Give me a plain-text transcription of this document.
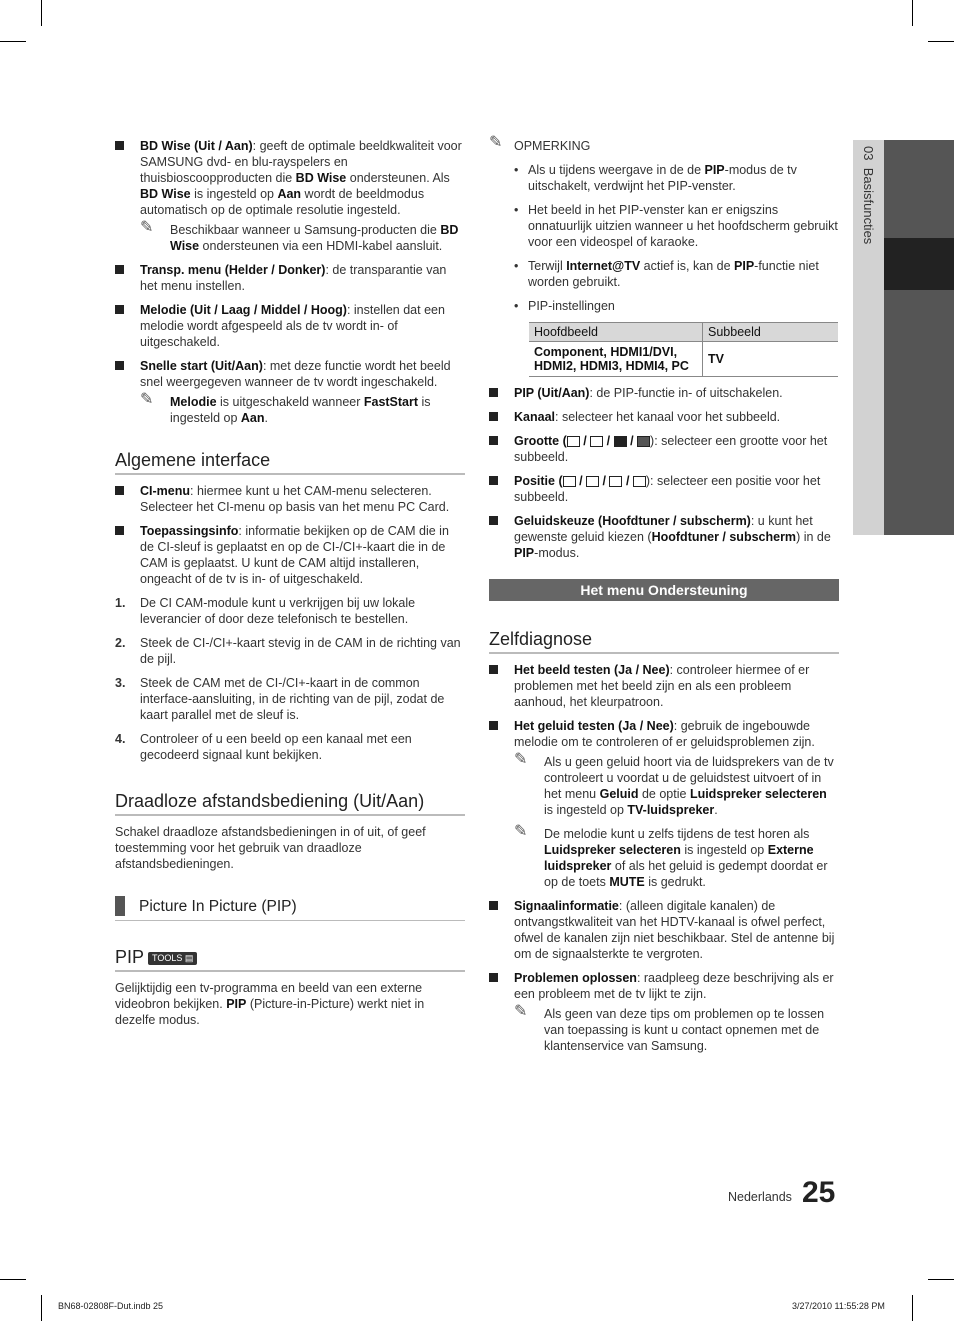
BD Wise (Uit / Aan): geeft de optimale beeldkwaliteit voor SAMSUNG dvd- en blu-rayspelers en thuisbioscoopproducten die BD Wise ondersteunen. Als BD Wise is ingesteld op Aan wordt de beeldmodus automatisch op de optimale resolutie ingesteld.
✎ Beschikbaar wanneer u Samsung-producten die BD Wise ondersteunen via een HDMI-kabel aansluit.
Transp. menu (Helder / Donker): de transparantie van het menu instellen.
Melodie (Uit / Laag / Middel / Hoog): instellen dat een melodie wordt afgespeeld als de tv wordt in- of uitgeschakeld.
Snelle start (Uit/Aan): met deze functie wordt het beeld snel weergegeven wanneer de tv wordt ingeschakeld.
✎ Melodie is uitgeschakeld wanneer FastStart is ingesteld op Aan.
Algemene interface
CI-menu: hiermee kunt u het CAM-menu selecteren. Selecteer het CI-menu op basis van het menu PC Card.
Toepassingsinfo: informatie bekijken op de CAM die in de CI-sleuf is geplaatst en op de CI-/CI+-kaart die in de CAM is geplaatst. U kunt de CAM altijd installeren, ongeacht of de tv is in- of uitgeschakeld.
1. De CI CAM-module kunt u verkrijgen bij uw lokale leverancier of door deze telefonisch te bestellen.
2. Steek de CI-/CI+-kaart stevig in de CAM in de richting van de pijl.
3. Steek de CAM met de CI-/CI+-kaart in de common interface-aansluiting, in de richting van de pijl, zodat de kaart parallel met de sleuf is.
4. Controleer of u een beeld op een kanaal met een gecodeerd signaal kunt bekijken.
Draadloze afstandsbediening (Uit/Aan)
Schakel draadloze afstandsbedieningen in of uit, of geef toestemming voor het gebruik van draadloze afstandsbedieningen.
Picture In Picture (PIP)
PIP TOOLS ▤
Gelijktijdig een tv-programma en beeld van een externe videobron bekijken. PIP (Picture-in-Picture) werkt niet in dezelfe modus.
✎ OPMERKING
• Als u tijdens weergave in de de PIP-modus de tv uitschakelt, verdwijnt het PIP-venster.
• Het beeld in het PIP-venster kan er enigszins onnatuurlijk uitzien wanneer u het hoofdscherm gebruikt voor een videospel of karaoke.
• Terwijl Internet@TV actief is, kan de PIP-functie niet worden gebruikt.
• PIP-instellingen
Hoofdbeeld	Subbeeld
Component, HDMI1/DVI, HDMI2, HDMI3, HDMI4, PC	TV
PIP (Uit/Aan): de PIP-functie in- of uitschakelen.
Kanaal: selecteer het kanaal voor het subbeeld.
Grootte ( /  /  / ): selecteer een grootte voor het subbeeld.
Positie ( /  /  / ): selecteer een positie voor het subbeeld.
Geluidskeuze (Hoofdtuner / subscherm): u kunt het gewenste geluid kiezen (Hoofdtuner / subscherm) in de PIP-modus.
Het menu Ondersteuning
Zelfdiagnose
Het beeld testen (Ja / Nee): controleer hiermee of er problemen met het beeld zijn en als een probleem aanhoud, het kleurpatroon.
Het geluid testen (Ja / Nee): gebruik de ingebouwde melodie om te controleren of er geluidsproblemen zijn.
✎ Als u geen geluid hoort via de luidsprekers van de tv controleert u voordat u de geluidstest uitvoert of in het menu Geluid de optie Luidspreker selecteren is ingesteld op TV-luidspreker.
✎ De melodie kunt u zelfs tijdens de test horen als Luidspreker selecteren is ingesteld op Externe luidspreker of als het geluid is gedempt doordat er op de toets MUTE is gedrukt.
Signaalinformatie: (alleen digitale kanalen) de ontvangstkwaliteit van het HDTV-kanaal is ofwel perfect, ofwel de kanalen zijn niet beschikbaar. Stel de antenne bij om de signaalsterkte te vergroten.
Problemen oplossen: raadpleeg deze beschrijving als er een probleem met de tv lijkt te zijn.
✎ Als geen van deze tips om problemen op te lossen van toepassing is kunt u contact opnemen met de klantenservice van Samsung.
03  Basisfuncties
Nederlands 25
BN68-02808F-Dut.indb 25	3/27/2010 11:55:28 PM
